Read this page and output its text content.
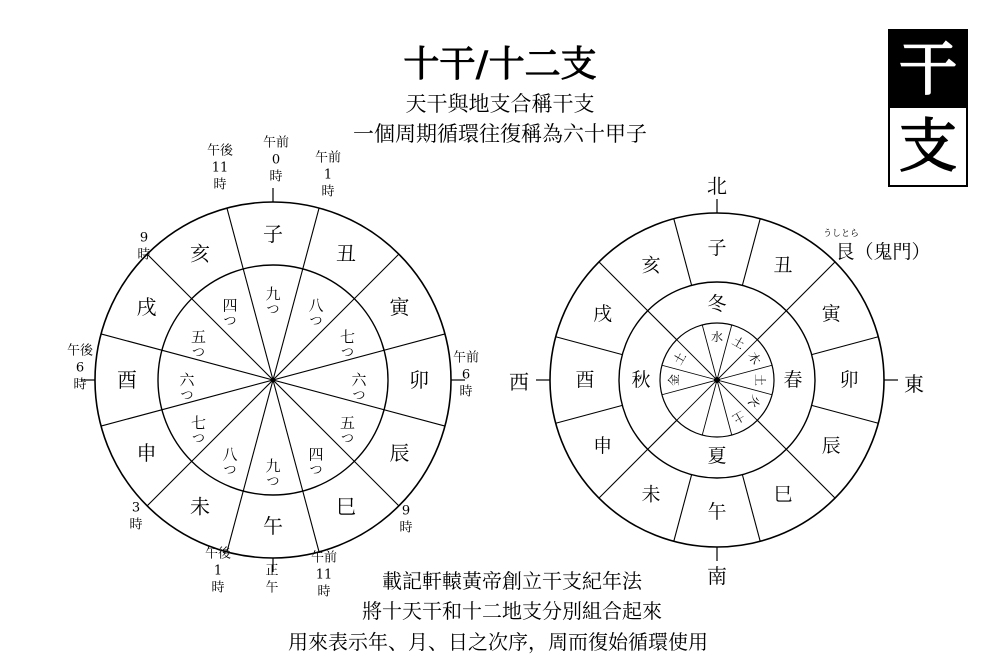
十干/十二支
天干與地支合稱干支
一個周期循環往復稱為六十甲子
干
支
子
丑
寅
卯
辰
巳
午
未
申
酉
戌
亥
九
つ 八
つ
七
つ
六
つ
五
つ
四
つ
九
つ
八
つ
七
つ
六
つ
五
つ
四
つ
午前
0
時
午前
1
時
午前
6
時
9
時
午前
11
時
正
午
午後
1
時
3
時
午後
6
時
9
時
午後
11
時
子
丑
寅
卯
辰
巳
午
未
申
酉
戌
亥
冬
春
夏
秋
水 土
木
土
火
土
金
土
北
東
南
西
うしとら
艮（鬼門）
載記軒轅黃帝創立干支紀年法
將十天干和十二地支分別組合起來
用來表示年、月、日之次序，周而復始循環使用
